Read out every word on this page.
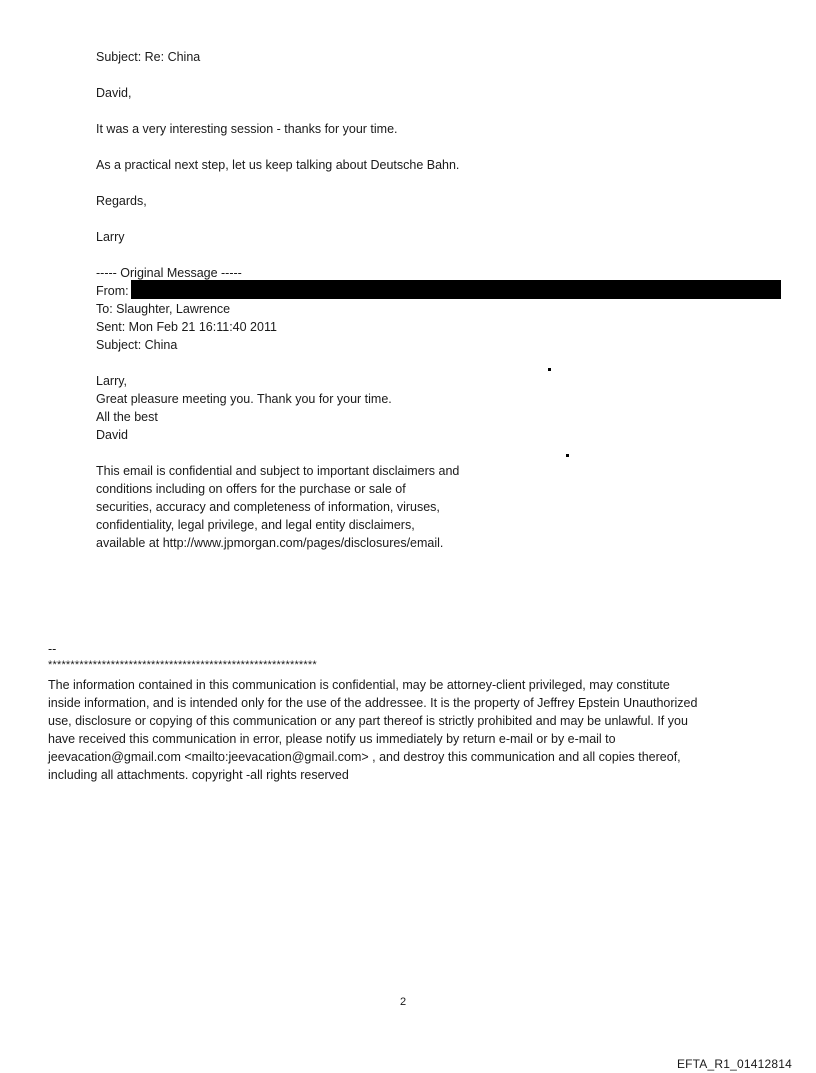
Subject: Re: China
David,
It was a very interesting session - thanks for your time.
As a practical next step, let us keep talking about Deutsche Bahn.
Regards,
Larry
----- Original Message -----
From:
To: Slaughter, Lawrence
Sent: Mon Feb 21 16:11:40 2011
Subject: China
Larry,
Great pleasure meeting you. Thank you for your time.
All the best
David
This email is confidential and subject to important disclaimers and
conditions including on offers for the purchase or sale of
securities, accuracy and completeness of information, viruses,
confidentiality, legal privilege, and legal entity disclaimers,
available at http://www.jpmorgan.com/pages/disclosures/email.
--
************************************************************
The information contained in this communication is confidential, may be attorney-client privileged, may constitute
inside information, and is intended only for the use of the addressee. It is the property of Jeffrey Epstein Unauthorized
use, disclosure or copying of this communication or any part thereof is strictly prohibited and may be unlawful. If you
have received this communication in error, please notify us immediately by return e-mail or by e-mail to
jeevacation@gmail.com <mailto:jeevacation@gmail.com> , and destroy this communication and all copies thereof,
including all attachments. copyright -all rights reserved
2
EFTA_R1_01412814
